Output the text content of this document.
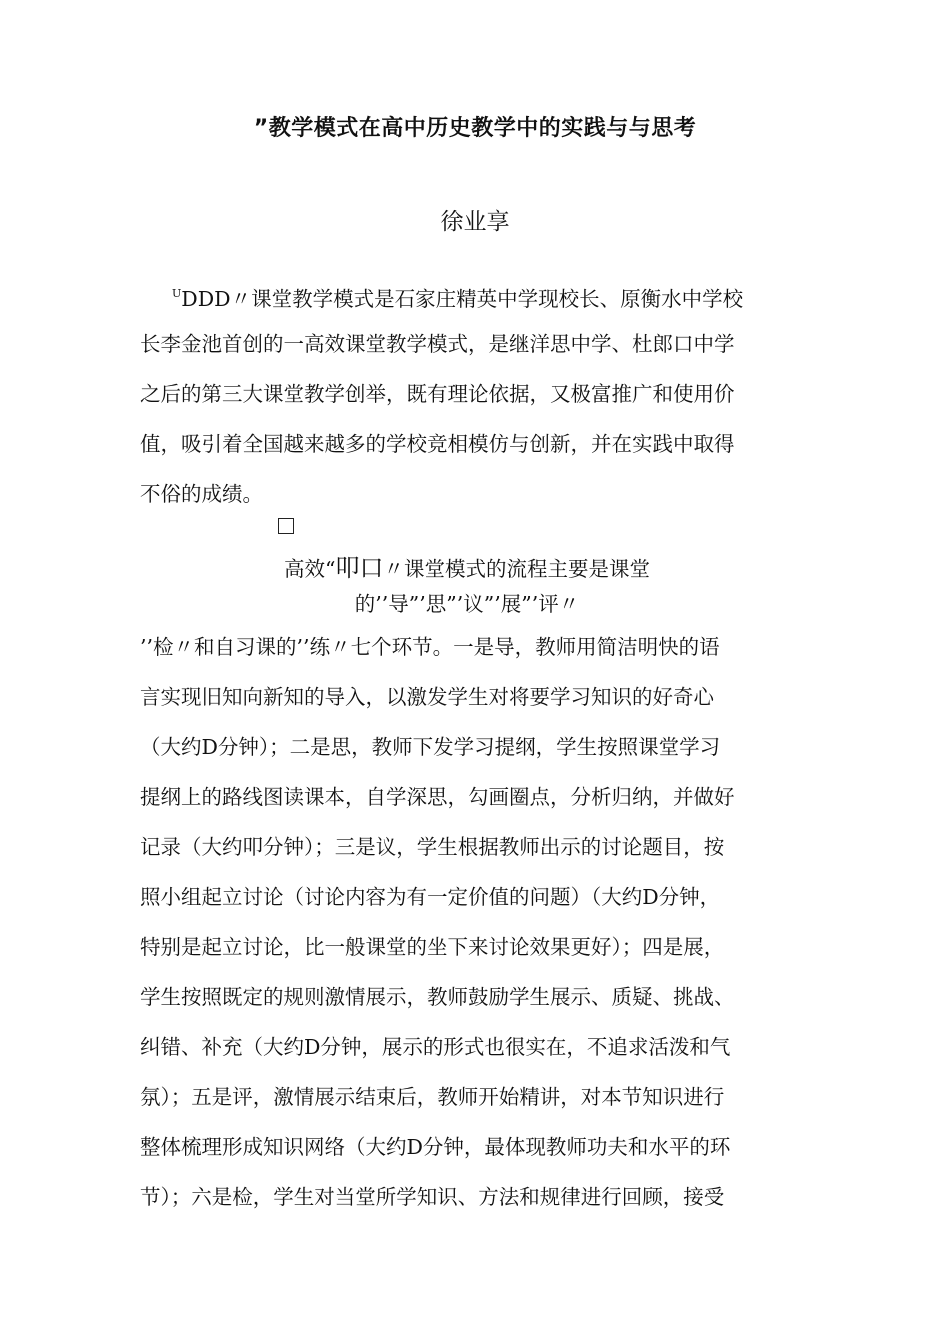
”教学模式在高中历史教学中的实践与与思考
徐业享
$^U$DDD〃课堂教学模式是石家庄精英中学现校长、原衡水中学校
长李金池首创的一高效课堂教学模式，是继洋思中学、杜郎口中学
之后的第三大课堂教学创举，既有理论依据，又极富推广和使用价
值，吸引着全国越来越多的学校竞相模仿与创新，并在实践中取得
不俗的成绩。
高效“叩口〃课堂模式的流程主要是课堂
的’’导”’思”’议”’展”’评〃
’’检〃和自习课的’’练〃七个环节。一是导，教师用简洁明快的语
言实现旧知向新知的导入，以激发学生对将要学习知识的好奇心
（大约D分钟）；二是思，教师下发学习提纲，学生按照课堂学习
提纲上的路线图读课本，自学深思，勾画圈点，分析归纳，并做好
记录（大约叩分钟）；三是议，学生根据教师出示的讨论题目，按
照小组起立讨论（讨论内容为有一定价值的问题）（大约D分钟，
特别是起立讨论，比一般课堂的坐下来讨论效果更好）；四是展，
学生按照既定的规则激情展示，教师鼓励学生展示、质疑、挑战、
纠错、补充（大约D分钟，展示的形式也很实在，不追求活泼和气
氛）；五是评，激情展示结束后，教师开始精讲，对本节知识进行
整体梳理形成知识网络（大约D分钟，最体现教师功夫和水平的环
节）；六是检，学生对当堂所学知识、方法和规律进行回顾，接受
